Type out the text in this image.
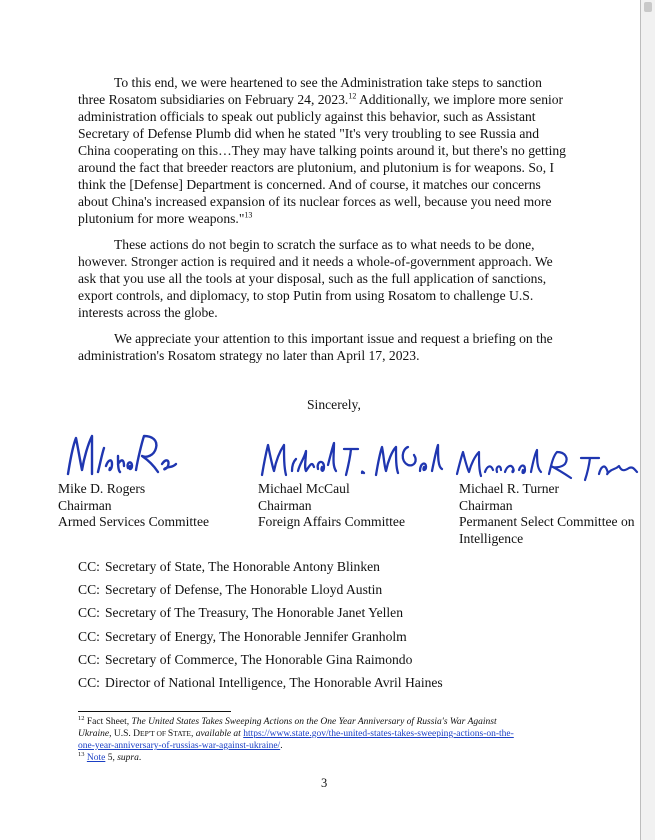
To this end, we were heartened to see the Administration take steps to sanction
three Rosatom subsidiaries on February 24, 2023.12 Additionally, we implore more senior
administration officials to speak out publicly against this behavior, such as Assistant
Secretary of Defense Plumb did when he stated "It's very troubling to see Russia and
China cooperating on this…They may have talking points around it, but there's no getting
around the fact that breeder reactors are plutonium, and plutonium is for weapons. So, I
think the [Defense] Department is concerned. And of course, it matches our concerns
about China's increased expansion of its nuclear forces as well, because you need more
plutonium for more weapons."$^{13}$
These actions do not begin to scratch the surface as to what needs to be done,
however. Stronger action is required and it needs a whole-of-government approach. We
ask that you use all the tools at your disposal, such as the full application of sanctions,
export controls, and diplomacy, to stop Putin from using Rosatom to challenge U.S.
interests across the globe.
We appreciate your attention to this important issue and request a briefing on the
administration's Rosatom strategy no later than April 17, 2023.
Sincerely,
Mike D. Rogers
Chairman
Armed Services Committee
Michael McCaul
Chairman
Foreign Affairs Committee
Michael R. Turner
Chairman
Permanent Select Committee on
Intelligence
CC: Secretary of State, The Honorable Antony Blinken
CC: Secretary of Defense, The Honorable Lloyd Austin
CC: Secretary of The Treasury, The Honorable Janet Yellen
CC: Secretary of Energy, The Honorable Jennifer Granholm
CC: Secretary of Commerce, The Honorable Gina Raimondo
CC: Director of National Intelligence, The Honorable Avril Haines
$^{12}$ Fact Sheet, The United States Takes Sweeping Actions on the One Year Anniversary of Russia's War Against
Ukraine, U.S. DEP'T OF STATE, available at https://www.state.gov/the-united-states-takes-sweeping-actions-on-the-
one-year-anniversary-of-russias-war-against-ukraine/.
$^{13}$ Note 5, supra.
3
